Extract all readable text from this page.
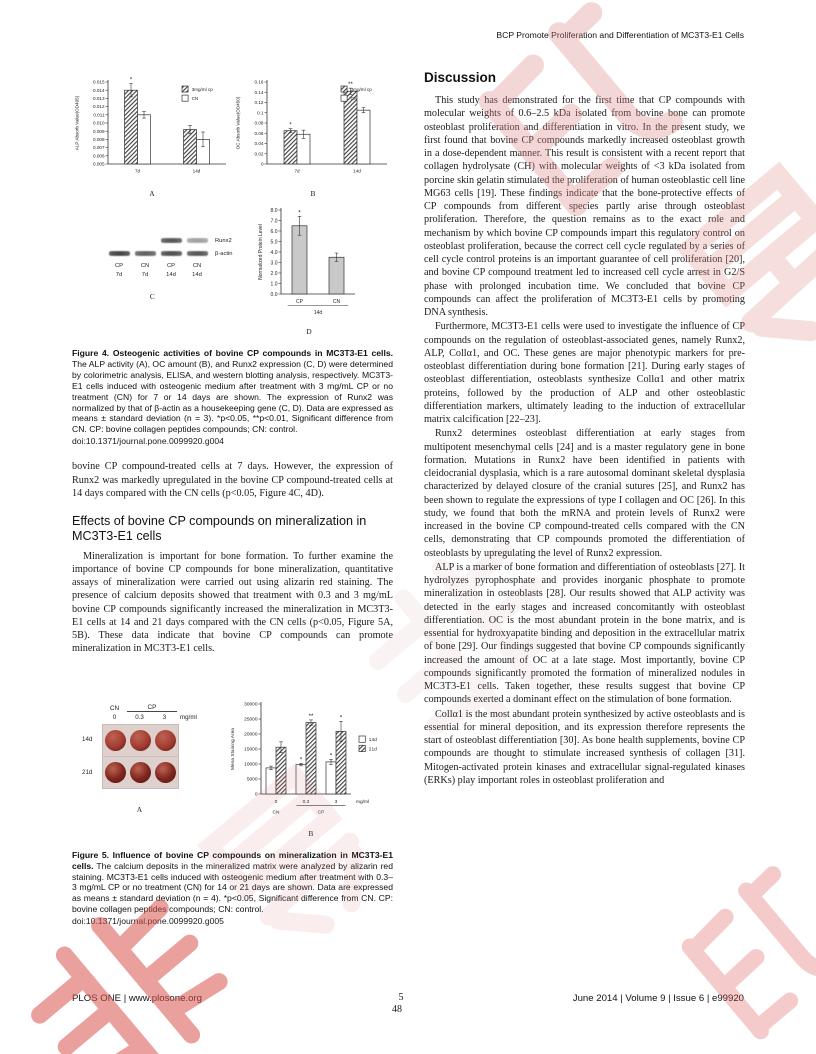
BCP Promote Proliferation and Differentiation of MC3T3-E1 Cells
0.005
0.006
0.007
0.008
0.009
0.010
0.011
0.012
0.013
0.014
0.015
ALP Absorb Value(OD405)
*
7d	14d
3mg/ml cp
CN
A
0
0.02
0.04
0.06
0.08
0.1
0.12
0.14
0.16
OC Absorb Value(OD450)	*
**
7d	14d
3mg/ml cp
CN
B
Runx2
β-actin
CP	CN	CP	CN
7d	7d	14d	14d
C	0.0
1.0
2.0
3.0
4.0
5.0
6.0
7.0
8.0
Normalized Protein Level
*
CP	CN
14d
D

Figure 4. Osteogenic activities of bovine CP compounds in MC3T3-E1 cells. The ALP activity (A), OC amount (B), and Runx2 expression (C, D) were determined by colorimetric analysis, ELISA, and western blotting analysis, respectively. MC3T3-E1 cells induced with osteogenic medium after treatment with 3 mg/mL CP or no treatment (CN) for 7 or 14 days are shown. The expression of Runx2 was normalized by that of β-actin as a housekeeping gene (C, D). Data are expressed as means ± standard deviation (n = 3). *p<0.05, **p<0.01, Significant difference from CN. CP: bovine collagen peptides compounds; CN: control.

doi:10.1371/journal.pone.0099920.g004

bovine CP compound-treated cells at 7 days. However, the expression of Runx2 was markedly upregulated in the bovine CP compound-treated cells at 14 days compared with the CN cells (p<0.05, Figure 4C, 4D).

Effects of bovine CP compounds on mineralization in MC3T3-E1 cells

Mineralization is important for bone formation. To further examine the importance of bovine CP compounds for bone mineralization, quantitative assays of mineralization were carried out using alizarin red staining. The presence of calcium deposits showed that treatment with 0.3 and 3 mg/mL bovine CP compounds significantly increased the mineralization in MC3T3-E1 cells at 14 and 21 days compared with the CN cells (p<0.05, Figure 5A, 5B). These data indicate that bovine CP compounds can promote mineralization in MC3T3-E1 cells.

CN	CP
0	0.3	3	mg/ml
14d
21d
A
0
5000
10000
15000
20000
25000
30000
Mena Staining Area	*
*
**	*
0	0.3	3	mg/ml
CN	CP
14d
21d
B

Figure 5. Influence of bovine CP compounds on mineralization in MC3T3-E1 cells. The calcium deposits in the mineralized matrix were analyzed by alizarin red staining. MC3T3-E1 cells induced with osteogenic medium after treatment with 0.3–3 mg/mL CP or no treatment (CN) for 14 or 21 days are shown. Data are expressed as means ± standard deviation (n = 4). *p<0.05, Significant difference from CN. CP: bovine collagen peptides compounds; CN: control.

doi:10.1371/journal.pone.0099920.g005
Discussion

This study has demonstrated for the first time that CP compounds with molecular weights of 0.6–2.5 kDa isolated from bovine bone can promote osteoblast proliferation and differentiation in vitro. In the present study, we first found that bovine CP compounds markedly increased osteoblast growth in a dose-dependent manner. This result is consistent with a recent report that collagen hydrolysate (CH) with molecular weights of <3 kDa isolated from porcine skin gelatin stimulated the proliferation of human osteoblastic cell line MG63 cells [19]. These findings indicate that the bone-protective effects of CP compounds from different species partly arise through osteoblast proliferation. Therefore, the question remains as to the exact role and mechanism by which bovine CP compounds impart this regulatory control on osteoblast proliferation, because the correct cell cycle regulated by a series of cell cycle control proteins is an important guarantee of cell proliferation [20], and bovine CP compound treatment led to increased cell cycle arrest in G2/S phase with prolonged incubation time. We concluded that bovine CP compounds can affect the proliferation of MC3T3-E1 cells by promoting DNA synthesis.

Furthermore, MC3T3-E1 cells were used to investigate the influence of CP compounds on the regulation of osteoblast-associated genes, namely Runx2, ALP, Collα1, and OC. These genes are major phenotypic markers for pre-osteoblast differentiation during bone formation [21]. During early stages of osteoblast differentiation, osteoblasts synthesize Collα1 and other matrix proteins, followed by the production of ALP and other osteoblastic differentiation markers, ultimately leading to the induction of extracellular matrix calcification [22–23].

Runx2 determines osteoblast differentiation at early stages from multipotent mesenchymal cells [24] and is a master regulatory gene in bone formation. Mutations in Runx2 have been identified in patients with cleidocranial dysplasia, which is a rare autosomal dominant skeletal dysplasia characterized by delayed closure of the cranial sutures [25], and Runx2 has been shown to regulate the expressions of type I collagen and OC [26]. In this study, we found that both the mRNA and protein levels of Runx2 were increased in the bovine CP compound-treated cells compared with the CN cells, demonstrating that CP compounds promoted the differentiation of osteoblasts by upregulating the level of Runx2 expression.

ALP is a marker of bone formation and differentiation of osteoblasts [27]. It hydrolyzes pyrophosphate and provides inorganic phosphate to promote mineralization in osteoblasts [28]. Our results showed that ALP activity was detected in the early stages and increased concomitantly with osteoblast differentiation. OC is the most abundant protein in the bone matrix, and is essential for hydroxyapatite binding and deposition in the extracellular matrix of bone [29]. Our findings suggested that bovine CP compounds significantly increased the amount of OC at a late stage. Most importantly, bovine CP compounds significantly promoted the formation of mineralized nodules in MC3T3-E1 cells. Taken together, these results suggest that bovine CP compounds exerted a dominant effect on the stimulation of bone formation.

Collα1 is the most abundant protein synthesized by active osteoblasts and is essential for mineral deposition, and its expression therefore represents the start of osteoblast differentiation [30]. As bone health supplements, bovine CP compounds are thought to stimulate increased synthesis of collagen [31]. Mitogen-activated protein kinases and extracellular signal-regulated kinases (ERKs) play important roles in osteoblast proliferation and

PLOS ONE | www.plosone.org	5
48
June 2014 | Volume 9 | Issue 6 | e99920
